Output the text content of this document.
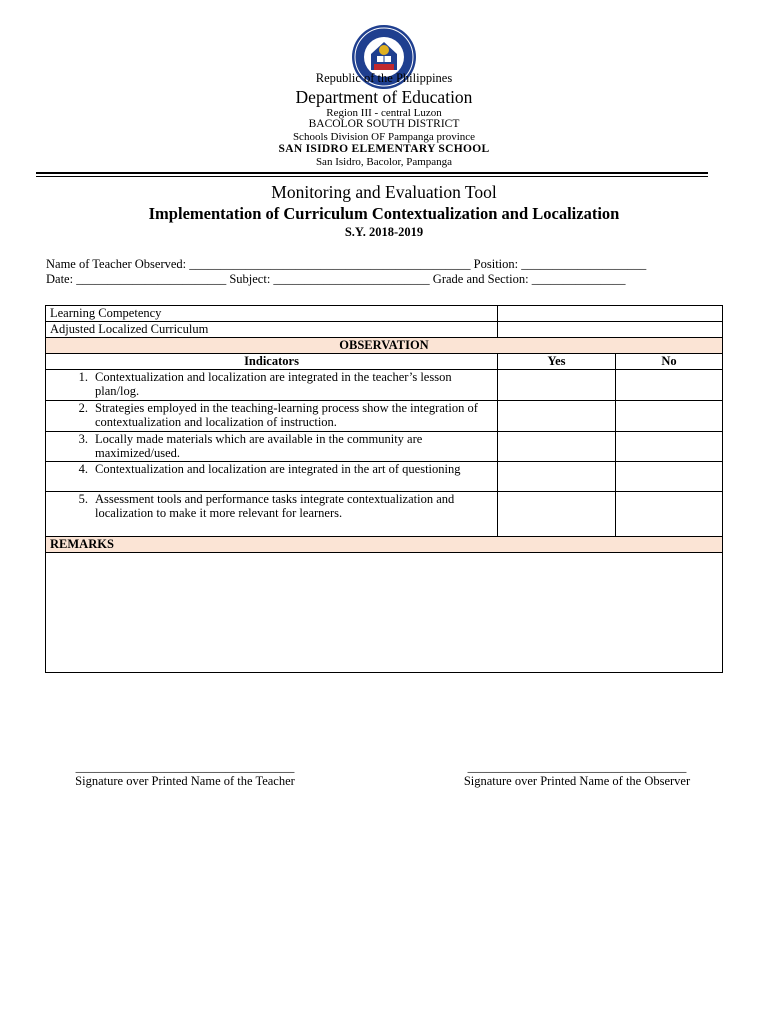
Republic of the Philippines
Department of Education
Region III - central Luzon
BACOLOR SOUTH DISTRICT
Schools Division OF Pampanga province
SAN ISIDRO ELEMENTARY SCHOOL
San Isidro, Bacolor, Pampanga
Monitoring and Evaluation Tool
Implementation of Curriculum Contextualization and Localization
S.Y. 2018-2019
Name of Teacher Observed: _____________________________________________ Position: ____________________
Date: ________________________ Subject: _________________________ Grade and Section: _______________
Learning Competency		
Adjusted Localized Curriculum		
OBSERVATION		
Indicators	Yes	No

1. Contextualization and localization are integrated in the teacher’s lesson plan/log.		

2. Strategies employed in the teaching-learning process show the integration of contextualization and localization of instruction.		

3. Locally made materials which are available in the community are maximized/used.		

4. Contextualization and localization are integrated in the art of questioning		

5. Assessment tools and performance tasks integrate contextualization and localization to make it more relevant for learners.		

REMARKS		

___________________________________
Signature over Printed Name of the Teacher
___________________________________
Signature over Printed Name of the Observer
